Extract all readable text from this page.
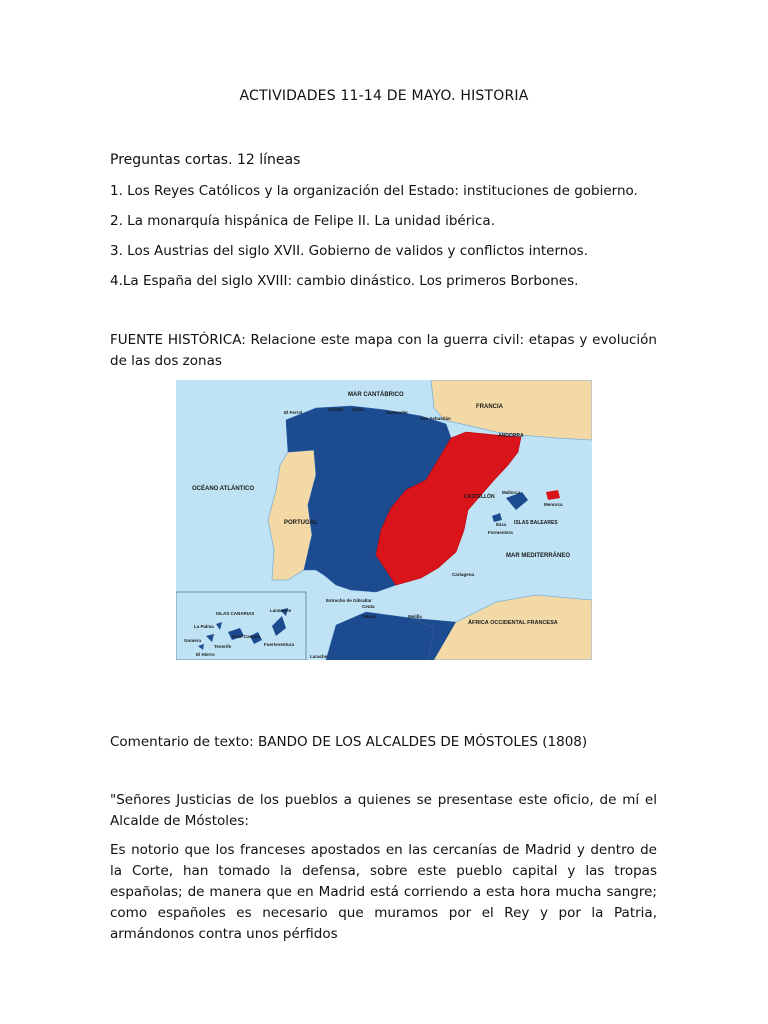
ACTIVIDADES 11-14 DE MAYO. HISTORIA
Preguntas cortas. 12 líneas
1. Los Reyes Católicos y la organización del Estado: instituciones de gobierno.
2. La monarquía hispánica de Felipe II. La unidad ibérica.
3. Los Austrias del siglo XVII. Gobierno de validos y conflictos internos.
4.La España del siglo XVIII: cambio dinástico. Los primeros Borbones.
FUENTE HISTÓRICA: Relacione este mapa con la guerra civil: etapas y evolución de las dos zonas
MAR CANTÁBRICO
FRANCIA
ANDORRA
OCÉANO ATLÁNTICO
PORTUGAL
MAR MEDITERRÁNEO
ISLAS BALEARES
Mallorca
Menorca
Ibiza
Formentera
ISLAS CANARIAS
Lanzarote
La Palma
Gomera
Tenerife
Gran Canaria
Fuerteventura
El Hierro
ÁFRICA OCCIDENTAL FRANCESA
Estrecho de Gibraltar
Ceuta
Tetuán	Melilla
Larache
Cartagena
El Ferrol
Oviedo Gijón
Santander
San Sebastián
CASTELLÓN
Comentario de texto: BANDO DE LOS ALCALDES DE MÓSTOLES (1808)
"Señores Justicias de los pueblos a quienes se presentase este oficio, de mí el Alcalde de Móstoles:
Es notorio que los franceses apostados en las cercanías de Madrid y dentro de la Corte, han tomado la defensa, sobre este pueblo capital y las tropas españolas; de manera que en Madrid está corriendo a esta hora mucha sangre; como españoles es necesario que muramos por el Rey y por la Patria, armándonos contra unos pérfidos
